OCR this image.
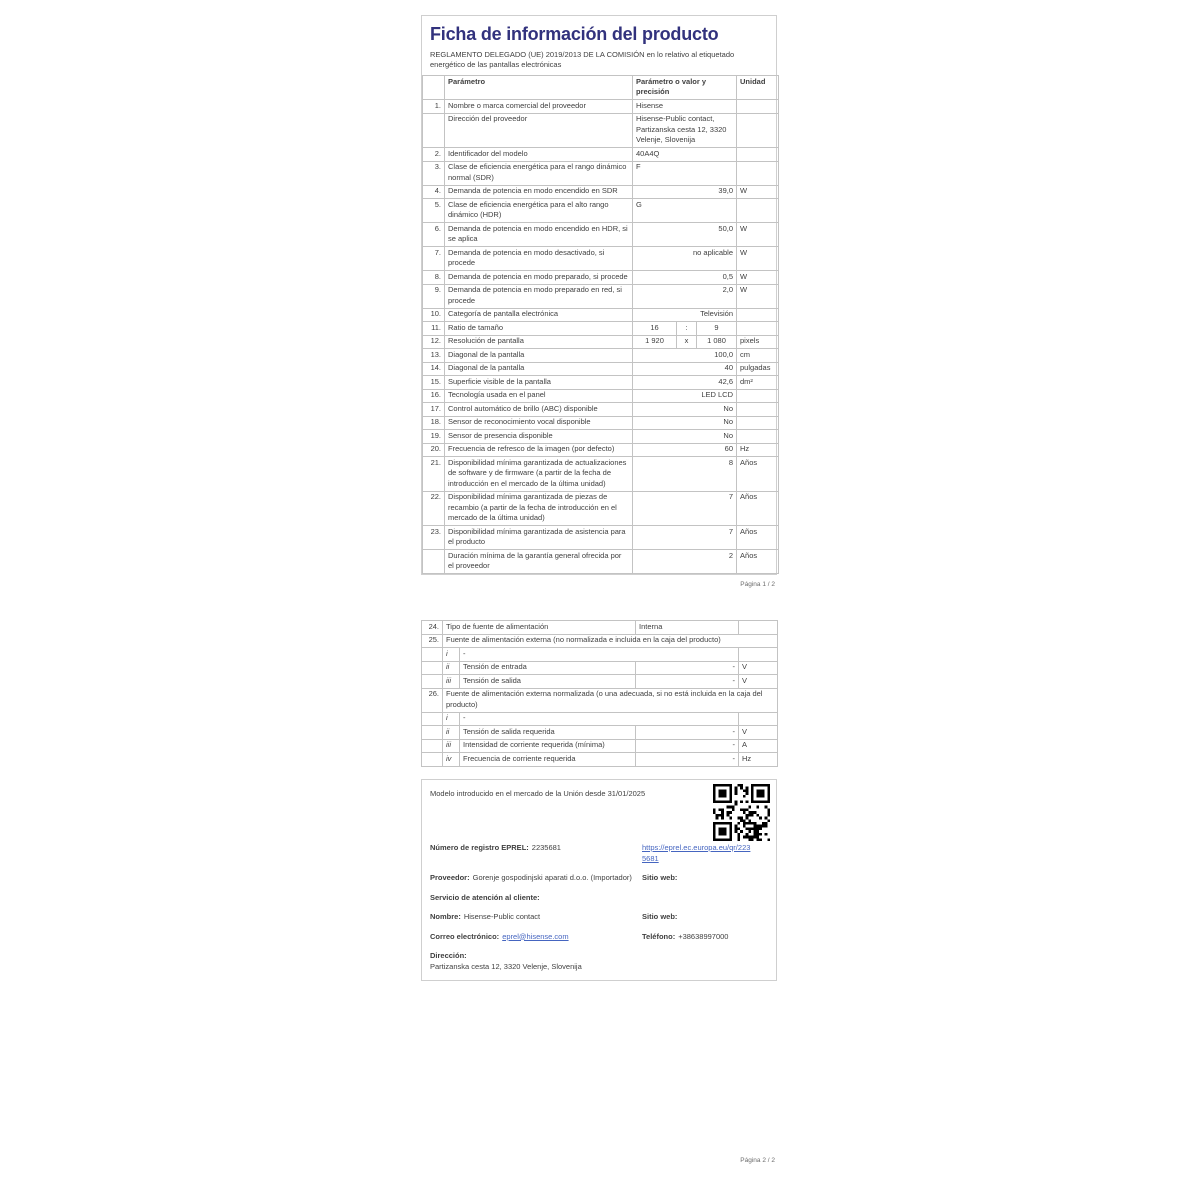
Ficha de información del producto

REGLAMENTO DELEGADO (UE) 2019/2013 DE LA COMISIÓN en lo relativo al etiquetado energético de las pantallas electrónicas

	Parámetro	Parámetro o valor y precisión			Unidad
1.	Nombre o marca comercial del proveedor	Hisense			
	Dirección del proveedor	Hisense-Public contact, Partizanska cesta 12, 3320 Velenje, Slovenija			
2.	Identificador del modelo	40A4Q			
3.	Clase de eficiencia energética para el rango dinámico normal (SDR)	F			
4.	Demanda de potencia en modo encendido en SDR	39,0			W
5.	Clase de eficiencia energética para el alto rango dinámico (HDR)	G			
6.	Demanda de potencia en modo encendido en HDR, si se aplica	50,0			W
7.	Demanda de potencia en modo desactivado, si procede	no aplicable			W
8.	Demanda de potencia en modo preparado, si procede	0,5			W
9.	Demanda de potencia en modo preparado en red, si procede	2,0			W
10.	Categoría de pantalla electrónica	Televisión			
11.	Ratio de tamaño	16	:	9	
12.	Resolución de pantalla	1 920	x	1 080	pixels
13.	Diagonal de la pantalla	100,0			cm
14.	Diagonal de la pantalla	40			pulgadas
15.	Superficie visible de la pantalla	42,6			dm²
16.	Tecnología usada en el panel	LED LCD			
17.	Control automático de brillo (ABC) disponible	No			
18.	Sensor de reconocimiento vocal disponible	No			
19.	Sensor de presencia disponible	No			
20.	Frecuencia de refresco de la imagen (por defecto)	60			Hz
21.	Disponibilidad mínima garantizada de actualizaciones de software y de firmware (a partir de la fecha de introducción en el mercado de la última unidad)	8			Años
22.	Disponibilidad mínima garantizada de piezas de recambio (a partir de la fecha de introducción en el mercado de la última unidad)	7			Años
23.	Disponibilidad mínima garantizada de asistencia para el producto	7			Años
	Duración mínima de la garantía general ofrecida por el proveedor	2			Años
Página 1 / 2
24.	Tipo de fuente de alimentación		Interna	
25.	Fuente de alimentación externa (no normalizada e incluida en la caja del producto)			
	i	-		
	ii	Tensión de entrada	-	V
	iii	Tensión de salida	-	V
26.	Fuente de alimentación externa normalizada (o una adecuada, si no está incluida en la caja del producto)			
	i	-		
	ii	Tensión de salida requerida	-	V
	iii	Intensidad de corriente requerida (mínima)	-	A
	iv	Frecuencia de corriente requerida	-	Hz
Modelo introducido en el mercado de la Unión desde 31/01/2025
Número de registro EPREL: 2235681	https://eprel.ec.europa.eu/qr/2235681
Proveedor: Gorenje gospodinjski aparati d.o.o. (Importador)	Sitio web:
Servicio de atención al cliente:
Nombre: Hisense-Public contact	Sitio web:
Correo electrónico: eprel@hisense.com	Teléfono: +38638997000
Dirección:
Partizanska cesta 12, 3320 Velenje, Slovenija
Página 2 / 2
